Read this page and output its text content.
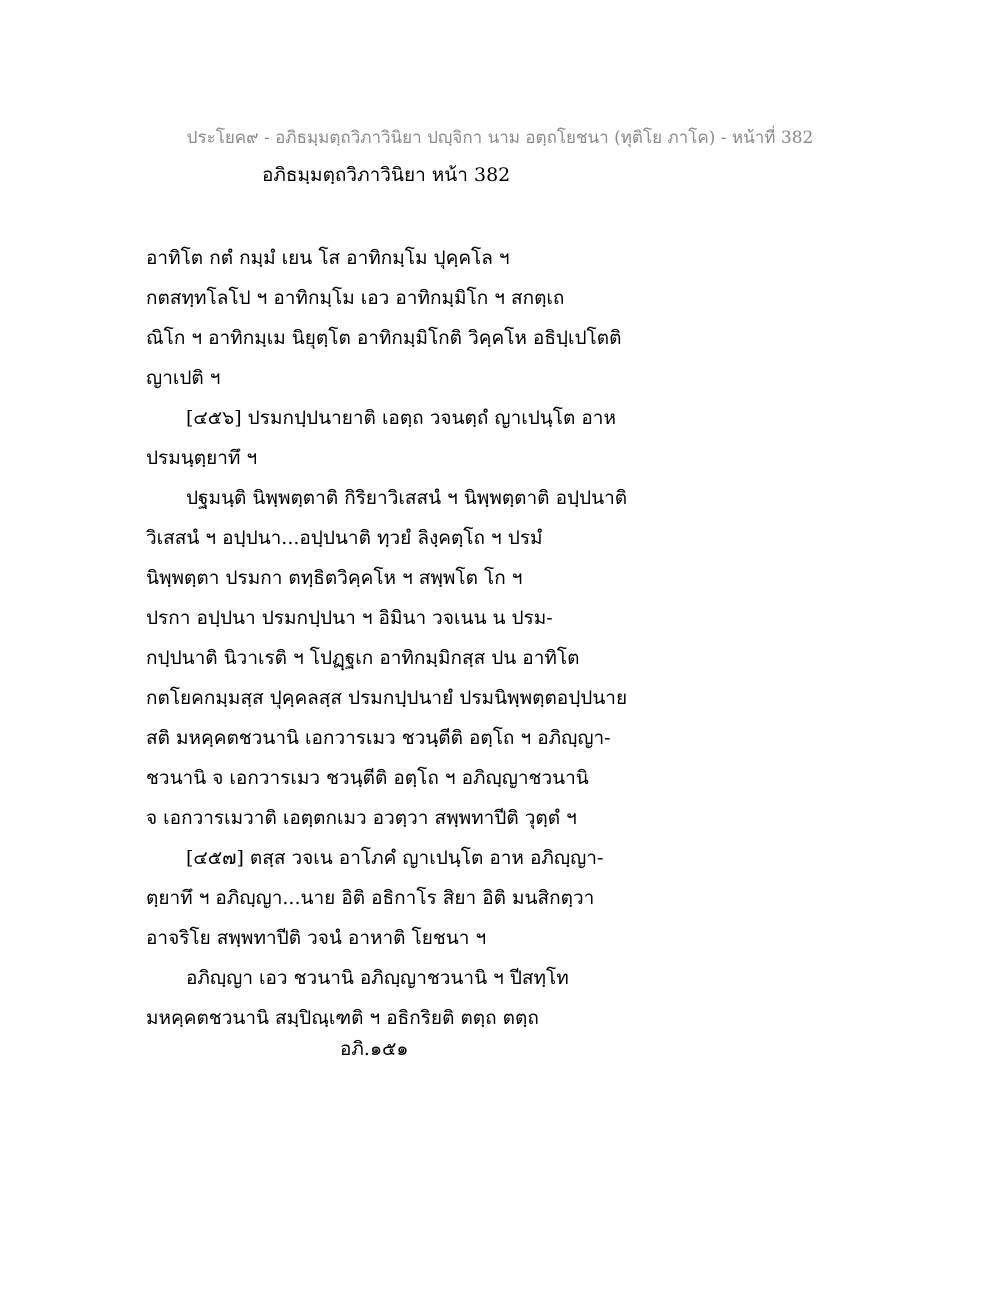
ประโยค๙ - อภิธมฺมตฺถวิภาวินิยา ปญฺจิกา นาม อตฺถโยชนา (ทุติโย ภาโค) - หน้าที่ 382
อภิธมฺมตฺถวิภาวินิยา หน้า 382
อาทิโต กตํ กมฺมํ เยน โส อาทิกมฺโม ปุคฺคโล ฯ
กตสทฺทโลโป ฯ อาทิกมฺโม เอว อาทิกมฺมิโก ฯ สกตฺเถ
ณิโก ฯ อาทิกมฺเม นิยุตฺโต อาทิกมฺมิโกติ วิคฺคโห อธิปฺเปโตติ
ญาเปติ ฯ
[๔๕๖] ปรมกปฺปนายาติ เอตฺถ วจนตฺถํ ญาเปนฺโต อาห
ปรมนฺตฺยาทึ ฯ
ปฐมนฺติ นิพฺพตฺตาติ กิริยาวิเสสนํ ฯ นิพฺพตฺตาติ อปฺปนาติ
วิเสสนํ ฯ อปฺปนา...อปฺปนาติ ทฺวยํ ลิงฺคตฺโถ ฯ ปรมํ
นิพฺพตฺตา ปรมกา ตทฺธิตวิคฺคโห ฯ สพฺพโต โก ฯ
ปรกา อปฺปนา ปรมกปฺปนา ฯ อิมินา วจเนน น ปรม-
กปฺปนาติ นิวาเรติ ฯ โปฏฺฐเก อาทิกมฺมิกสฺส ปน อาทิโต
กตโยคกมฺมสฺส ปุคฺคลสฺส ปรมกปฺปนายํ ปรมนิพฺพตฺตอปฺปนาย
สติ มหคฺคตชวนานิ เอกวารเมว ชวนฺตีติ อตฺโถ ฯ อภิญฺญา-
ชวนานิ จ เอกวารเมว ชวนฺตีติ อตฺโถ ฯ อภิญฺญาชวนานิ
จ เอกวารเมวาติ เอตฺตกเมว อวตฺวา สพฺพทาปีติ วุตฺตํ ฯ
[๔๕๗] ตสฺส วจเน อาโภคํ ญาเปนฺโต อาห อภิญฺญา-
ตฺยาทึ ฯ อภิญฺญา...นาย อิติ อธิกาโร สิยา อิติ มนสิกตฺวา
อาจริโย สพฺพทาปีติ วจนํ อาหาติ โยชนา ฯ
อภิญฺญา เอว ชวนานิ อภิญฺญาชวนานิ ฯ ปีสทฺโท
มหคฺคตชวนานิ สมฺปิณฺเฑติ ฯ อธิกริยติ ตตฺถ ตตฺถ
อภิ.๑๕๑
